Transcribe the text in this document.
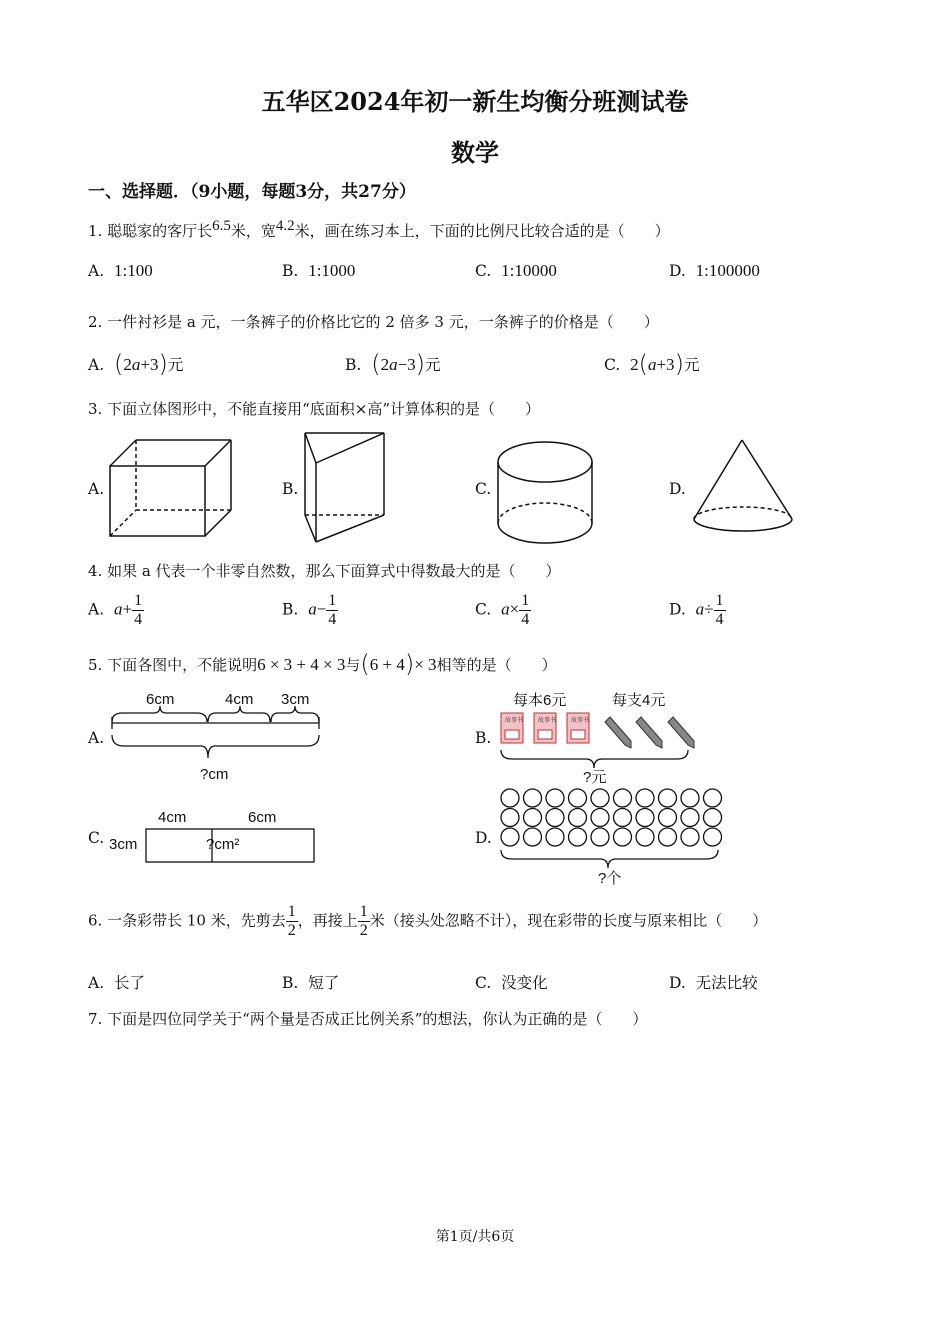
五华区2024年初一新生均衡分班测试卷
数学
一、选择题．（9小题，每题3分，共27分）
1. 聪聪家的客厅长$^{6.5}$米，宽$^{4.2}$米，画在练习本上，下面的比例尺比较合适的是（　　）
A. 1:100	B. 1:1000	C. 1:10000	D. 1:100000
2. 一件衬衫是 a 元，一条裤子的价格比它的 2 倍多 3 元，一条裤子的价格是（　　）
A. (2a+3)元	B. (2a−3)元	C. 2(a+3)元
3. 下面立体图形中，不能直接用“底面积×高”计算体积的是（　　）
A.	B.	C.	D.
4. 如果 a 代表一个非零自然数，那么下面算式中得数最大的是（　　）
A. $a+ \frac{1}{4}$	B. $a- \frac{1}{4}$	C. $a\times \frac{1}{4}$	D. $a\div \frac{1}{4}$
5. 下面各图中，不能说明6 × 3 + 4 × 3与(6 + 4)× 3相等的是（　　）
A.
6cm	4cm 3cm
?cm
B.
每本6元	每支4元
?元
C. 3cm
4cm	6cm
?cm²	D.
?个
故事书 故事书 故事书
6. 一条彩带长 10 米，先剪去 $\frac{1}{2}$ ，再接上 $\frac{1}{2}$ 米（接头处忽略不计），现在彩带的长度与原来相比（　　）
A. 长了	B. 短了	C. 没变化	D. 无法比较
7. 下面是四位同学关于“两个量是否成正比例关系”的想法，你认为正确的是（　　）
第1页/共6页
